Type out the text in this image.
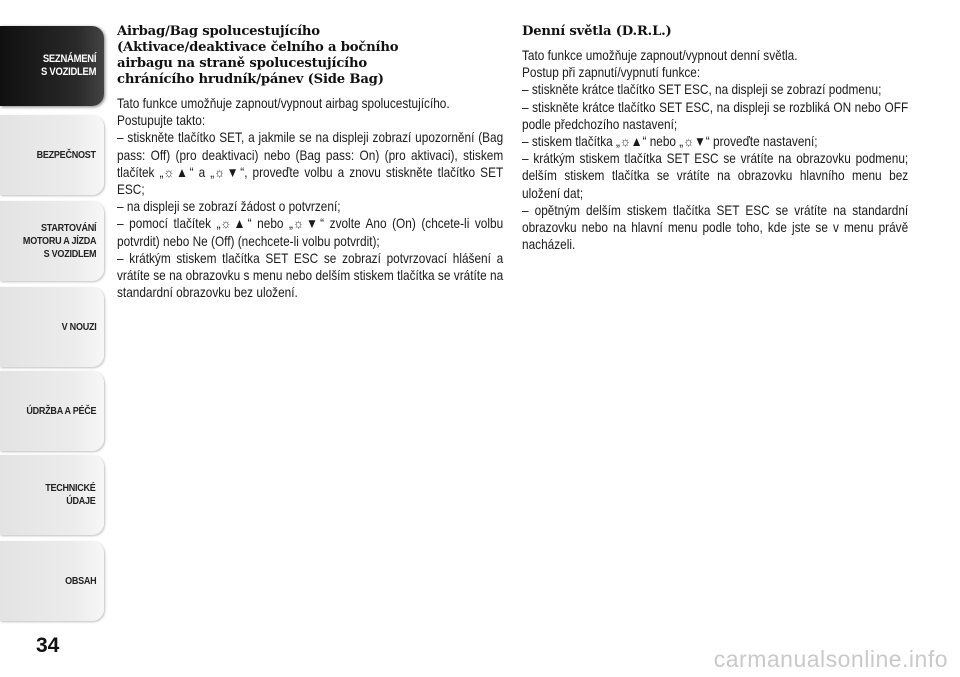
SEZNÁMENÍ
S VOZIDLEM
BEZPEČNOST
STARTOVÁNÍ
MOTORU A JÍZDA
S VOZIDLEM
V NOUZI
ÚDRŽBA A PÉČE
TECHNICKÉ
ÚDAJE
OBSAH
34
Airbag/Bag spolucestujícího
(Aktivace/deaktivace čelního a bočního
airbagu na straně spolucestujícího
chránícího hrudník/pánev (Side Bag)

Tato funkce umožňuje zapnout/vypnout airbag spolucestujícího.

Postupujte takto:

– stiskněte tlačítko SET, a jakmile se na displeji zobrazí upozornění (Bag pass: Off) (pro deaktivaci) nebo (Bag pass: On) (pro aktivaci), stiskem tlačítek „☼▲“ a „☼▼“, proveďte volbu a znovu stiskněte tlačítko SET ESC;

– na displeji se zobrazí žádost o potvrzení;

– pomocí tlačítek „☼▲“ nebo „☼▼“ zvolte Ano (On) (chcete-li volbu potvrdit) nebo Ne (Off) (nechcete-li volbu potvrdit);

– krátkým stiskem tlačítka SET ESC se zobrazí potvrzovací hlášení a vrátíte se na obrazovku s menu nebo delším stiskem tlačítka se vrátíte na standardní obrazovku bez uložení.

Denní světla (D.R.L.)

Tato funkce umožňuje zapnout/vypnout denní světla.

Postup při zapnutí/vypnutí funkce:

– stiskněte krátce tlačítko SET ESC, na displeji se zobrazí podmenu;

– stiskněte krátce tlačítko SET ESC, na displeji se rozbliká ON nebo OFF podle předchozího nastavení;

– stiskem tlačítka „☼▲“ nebo „☼▼“ proveďte nastavení;

– krátkým stiskem tlačítka SET ESC se vrátíte na obrazovku podmenu; delším stiskem tlačítka se vrátíte na obrazovku hlavního menu bez uložení dat;

– opětným delším stiskem tlačítka SET ESC se vrátíte na standardní obrazovku nebo na hlavní menu podle toho, kde jste se v menu právě nacházeli.

carmanualsonline.info
